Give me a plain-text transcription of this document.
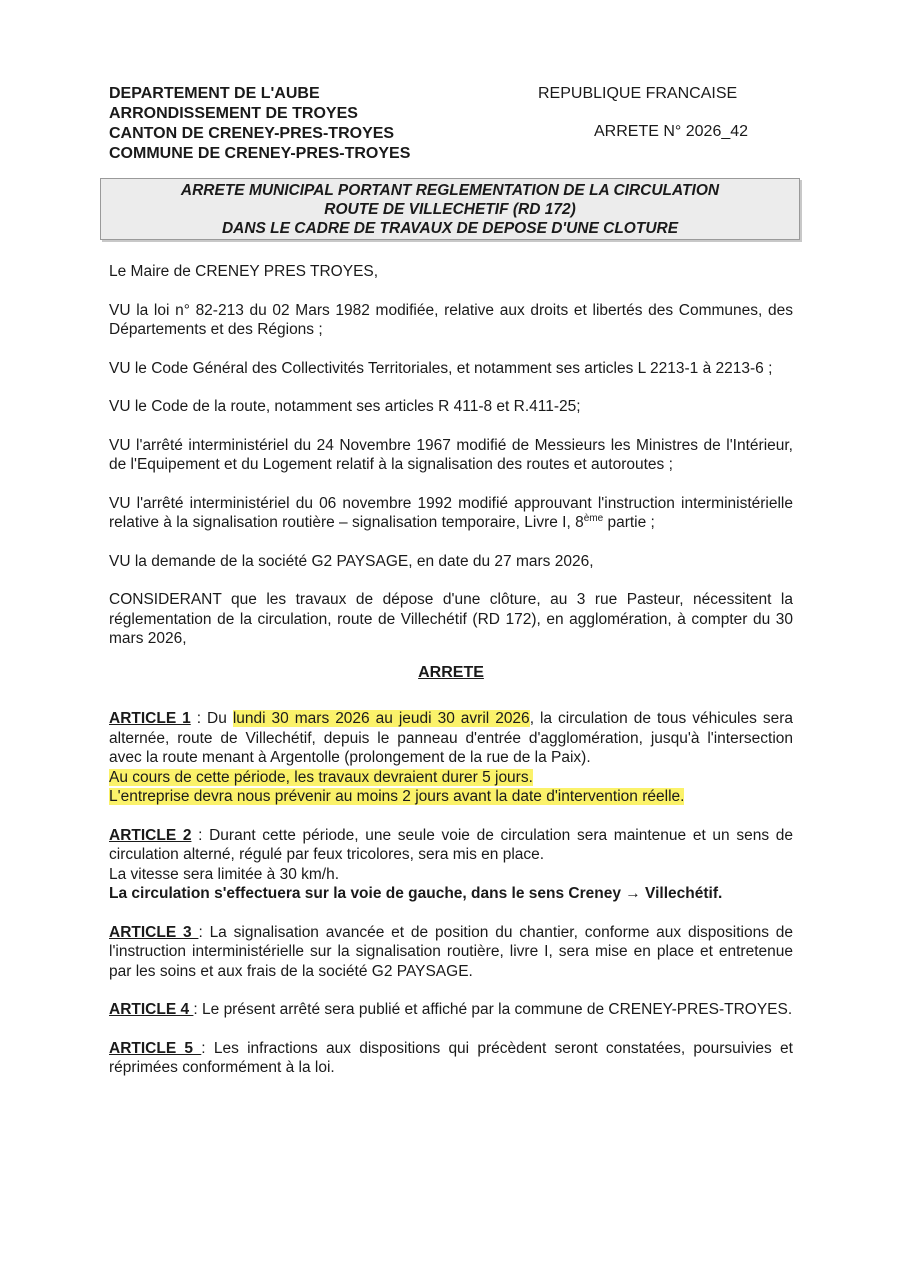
DEPARTEMENT DE L'AUBE
ARRONDISSEMENT DE TROYES
CANTON DE CRENEY-PRES-TROYES
COMMUNE DE CRENEY-PRES-TROYES
REPUBLIQUE FRANCAISE
ARRETE N° 2026_42
ARRETE MUNICIPAL PORTANT REGLEMENTATION DE LA CIRCULATION
ROUTE DE VILLECHETIF (RD 172)
DANS LE CADRE DE TRAVAUX DE DEPOSE D'UNE CLOTURE

Le Maire de CRENEY PRES TROYES,

VU la loi n° 82-213 du 02 Mars 1982 modifiée, relative aux droits et libertés des Communes, des Départements et des Régions ;

VU le Code Général des Collectivités Territoriales, et notamment ses articles L 2213-1 à 2213-6 ;

VU le Code de la route, notamment ses articles R 411-8 et R.411-25;

VU l'arrêté interministériel du 24 Novembre 1967 modifié de Messieurs les Ministres de l'Intérieur, de l'Equipement et du Logement relatif à la signalisation des routes et autoroutes ;

VU l'arrêté interministériel du 06 novembre 1992 modifié approuvant l'instruction interministérielle relative à la signalisation routière – signalisation temporaire, Livre I, 8ème partie ;

VU la demande de la société G2 PAYSAGE, en date du 27 mars 2026,

CONSIDERANT que les travaux de dépose d'une clôture, au 3 rue Pasteur, nécessitent la réglementation de la circulation, route de Villechétif (RD 172), en agglomération, à compter du 30 mars 2026,

ARRETE

ARTICLE 1 : Du lundi 30 mars 2026 au jeudi 30 avril 2026, la circulation de tous véhicules sera alternée, route de Villechétif, depuis le panneau d'entrée d'agglomération, jusqu'à l'intersection avec la route menant à Argentolle (prolongement de la rue de la Paix).
Au cours de cette période, les travaux devraient durer 5 jours.
L'entreprise devra nous prévenir au moins 2 jours avant la date d'intervention réelle.

ARTICLE 2 : Durant cette période, une seule voie de circulation sera maintenue et un sens de circulation alterné, régulé par feux tricolores, sera mis en place.
La vitesse sera limitée à 30 km/h.
La circulation s'effectuera sur la voie de gauche, dans le sens Creney → Villechétif.

ARTICLE 3 : La signalisation avancée et de position du chantier, conforme aux dispositions de l'instruction interministérielle sur la signalisation routière, livre I, sera mise en place et entretenue par les soins et aux frais de la société G2 PAYSAGE.

ARTICLE 4 : Le présent arrêté sera publié et affiché par la commune de CRENEY-PRES-TROYES.

ARTICLE 5 : Les infractions aux dispositions qui précèdent seront constatées, poursuivies et réprimées conformément à la loi.
